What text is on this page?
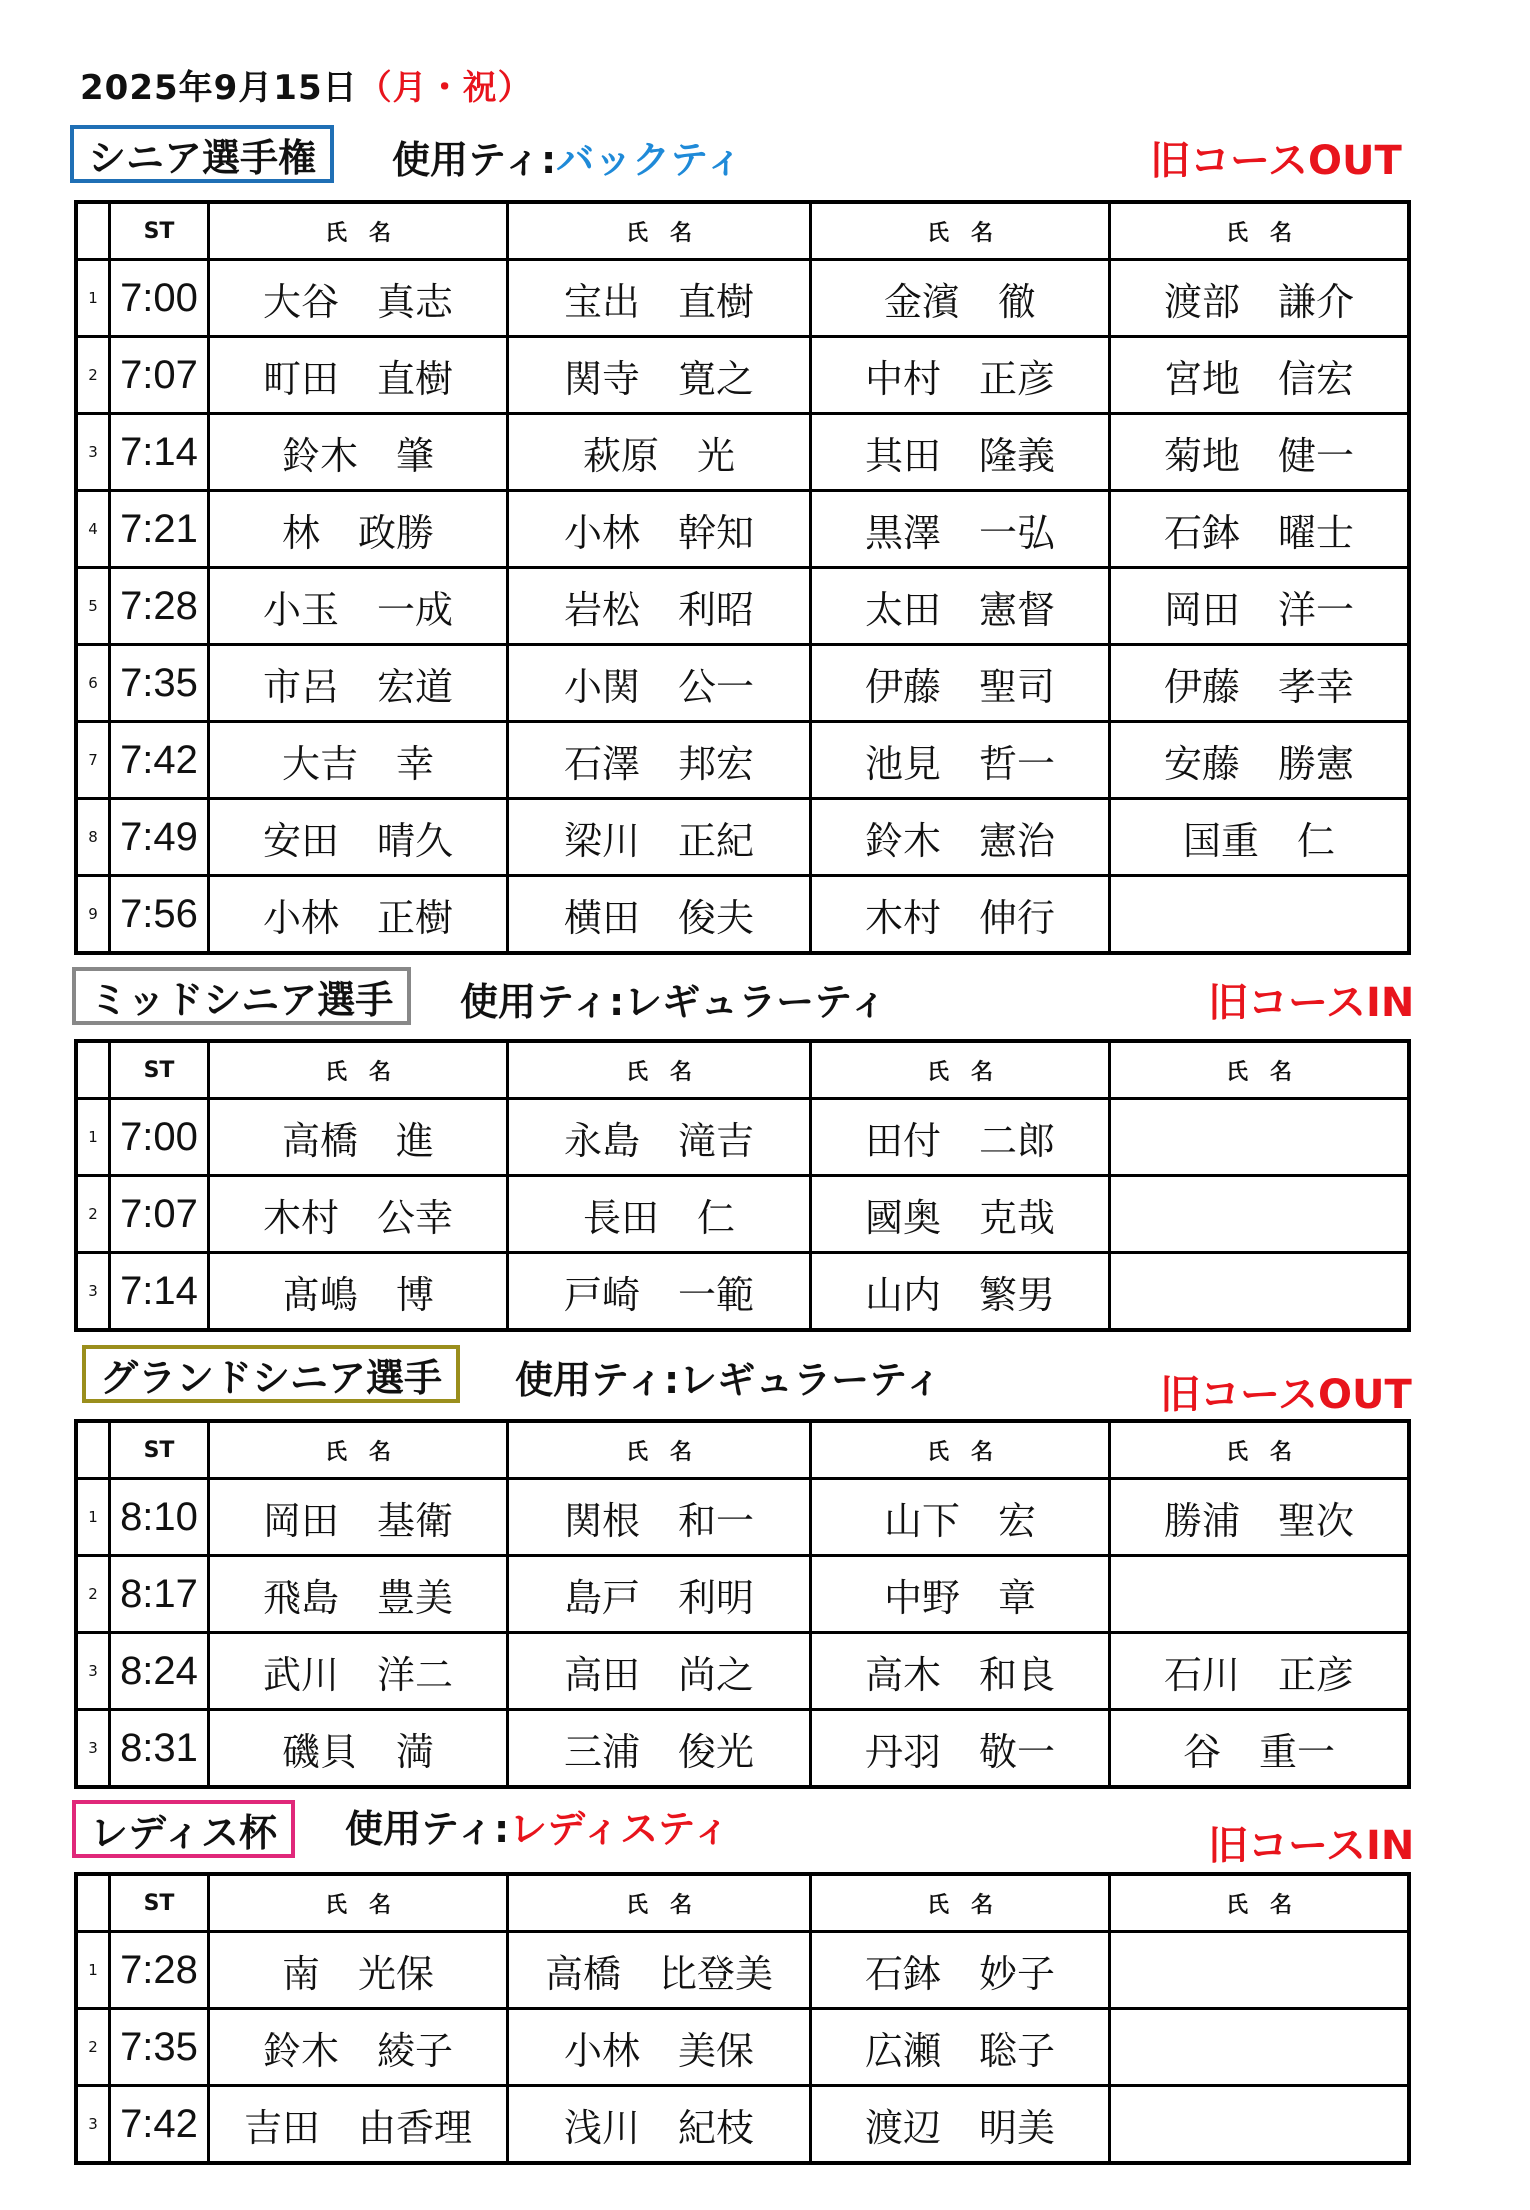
2025年9月15日（月・祝）
シニア選手権	使用ティ:バックティ	旧コースOUT
	ST	氏　名	氏　名	氏　名	氏　名
1	7:00	大谷　真志	宝出　直樹	金濱　徹	渡部　謙介
2	7:07	町田　直樹	関寺　寛之	中村　正彦	宮地　信宏
3	7:14	鈴木　肇	萩原　光	其田　隆義	菊地　健一
4	7:21	林　政勝	小林　幹知	黒澤　一弘	石鉢　曜士
5	7:28	小玉　一成	岩松　利昭	太田　憲督	岡田　洋一
6	7:35	市呂　宏道	小関　公一	伊藤　聖司	伊藤　孝幸
7	7:42	大吉　幸	石澤　邦宏	池見　哲一	安藤　勝憲
8	7:49	安田　晴久	梁川　正紀	鈴木　憲治	国重　仁
9	7:56	小林　正樹	横田　俊夫	木村　伸行	
ミッドシニア選手	使用ティ:レギュラーティ	旧コースIN
	ST	氏　名	氏　名	氏　名	氏　名
1	7:00	高橋　進	永島　滝吉	田付　二郎	
2	7:07	木村　公幸	長田　仁	國奥　克哉	
3	7:14	髙嶋　博	戸崎　一範	山内　繁男	
グランドシニア選手	使用ティ:レギュラーティ	旧コースOUT
	ST	氏　名	氏　名	氏　名	氏　名
1	8:10	岡田　基衛	関根　和一	山下　宏	勝浦　聖次
2	8:17	飛島　豊美	島戸　利明	中野　章	
3	8:24	武川　洋二	高田　尚之	高木　和良	石川　正彦
3	8:31	磯貝　満	三浦　俊光	丹羽　敬一	谷　重一
レディス杯	使用ティ:レディスティ	旧コースIN
	ST	氏　名	氏　名	氏　名	氏　名
1	7:28	南　光保	高橋　比登美	石鉢　妙子	
2	7:35	鈴木　綾子	小林　美保	広瀬　聡子	
3	7:42	吉田　由香理	浅川　紀枝	渡辺　明美	
